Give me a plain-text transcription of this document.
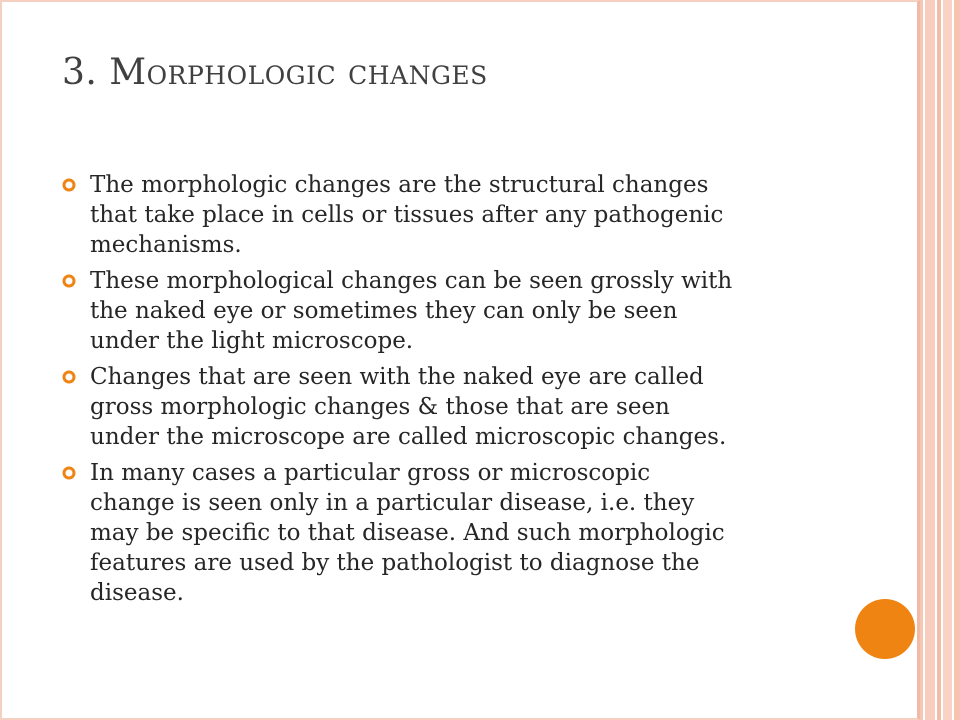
3. Morphologic changes
The morphologic changes are the structural changes
that take place in cells or tissues after any pathogenic
mechanisms.
These morphological changes can be seen grossly with
the naked eye or sometimes they can only be seen
under the light microscope.
Changes that are seen with the naked eye are called
gross morphologic changes & those that are seen
under the microscope are called microscopic changes.
In many cases a particular gross or microscopic
change is seen only in a particular disease, i.e. they
may be specific to that disease. And such morphologic
features are used by the pathologist to diagnose the
disease.
